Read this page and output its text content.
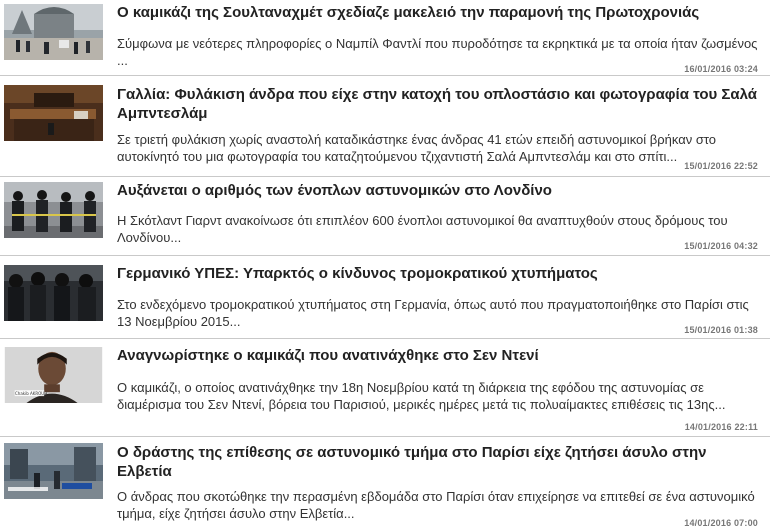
Ο καμικάζι της Σουλταναχμέτ σχεδίαζε μακελειό την παραμονή της Πρωτοχρονιάς
Σύμφωνα με νεότερες πληροφορίες ο Ναμπίλ Φαντλί που πυροδότησε τα εκρηκτικά με τα οποία ήταν ζωσμένος ...
16/01/2016 03:24
Γαλλία: Φυλάκιση άνδρα που είχε στην κατοχή του οπλοστάσιο και φωτογραφία του Σαλά Αμπντεσλάμ
Σε τριετή φυλάκιση χωρίς αναστολή καταδικάστηκε ένας άνδρας 41 ετών επειδή αστυνομικοί βρήκαν στο αυτοκίνητό του μια φωτογραφία του καταζητούμενου τζιχαντιστή Σαλά Αμπντεσλάμ και στο σπίτι...
15/01/2016 22:52
Αυξάνεται ο αριθμός των ένοπλων αστυνομικών στο Λονδίνο
Η Σκότλαντ Γιαρντ ανακοίνωσε ότι επιπλέον 600 ένοπλοι αστυνομικοί θα αναπτυχθούν στους δρόμους του Λονδίνου...
15/01/2016 04:32
Γερμανικό ΥΠΕΣ: Υπαρκτός ο κίνδυνος τρομοκρατικού χτυπήματος
Στο ενδεχόμενο τρομοκρατικού χτυπήματος στη Γερμανία, όπως αυτό που πραγματοποιήθηκε στο Παρίσι στις 13 Νοεμβρίου 2015...
15/01/2016 01:38
Chakib AKROUH
Αναγνωρίστηκε ο καμικάζι που ανατινάχθηκε στο Σεν Ντενί
Ο καμικάζι, ο οποίος ανατινάχθηκε την 18η Νοεμβρίου κατά τη διάρκεια της εφόδου της αστυνομίας σε διαμέρισμα του Σεν Ντενί, βόρεια του Παρισιού, μερικές ημέρες μετά τις πολυαίμακτες επιθέσεις τις 13ης...
14/01/2016 22:11
Ο δράστης της επίθεσης σε αστυνομικό τμήμα στο Παρίσι είχε ζητήσει άσυλο στην Ελβετία
Ο άνδρας που σκοτώθηκε την περασμένη εβδομάδα στο Παρίσι όταν επιχείρησε να επιτεθεί σε ένα αστυνομικό τμήμα, είχε ζητήσει άσυλο στην Ελβετία...
14/01/2016 07:00
